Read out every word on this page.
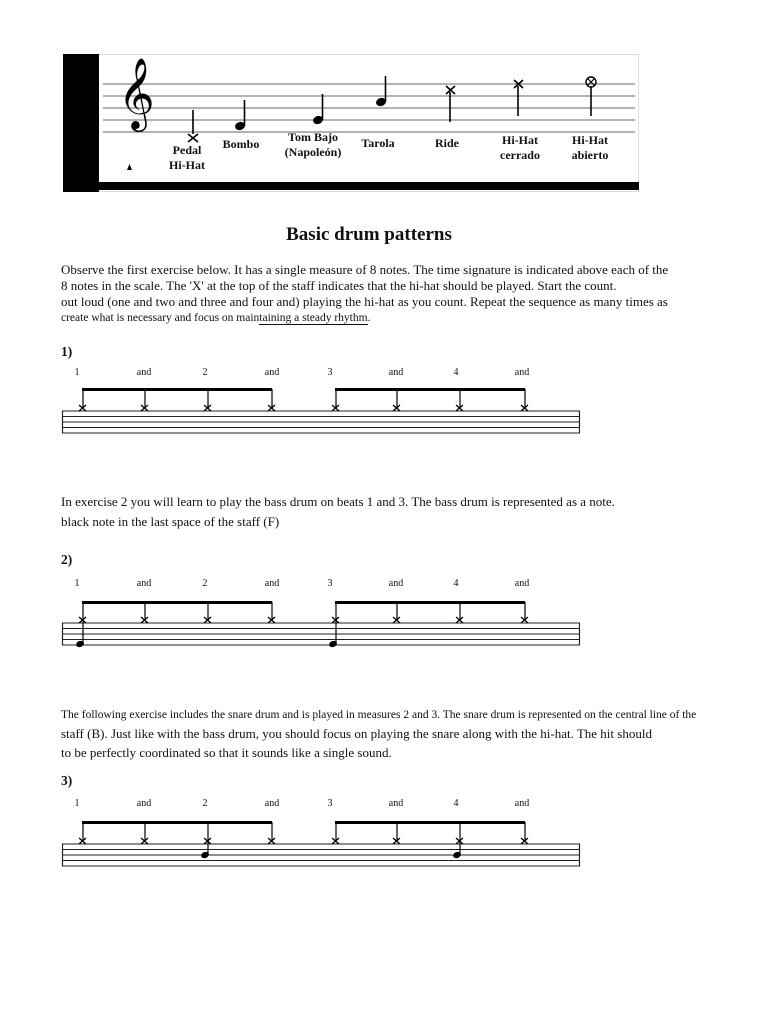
𝄞
Pedal
Hi-Hat
Bombo Tom Bajo
(Napoleón)
Tarola	Ride	Hi-Hat
cerrado
Hi-Hat
abierto
Basic drum patterns
Observe the first exercise below. It has a single measure of 8 notes. The time signature is indicated above each of the
8 notes in the scale. The 'X' at the top of the staff indicates that the hi-hat should be played. Start the count.
out loud (one and two and three and four and) playing the hi-hat as you count. Repeat the sequence as many times as
create what is necessary and focus on maintaining a steady rhythm.
1)
In exercise 2 you will learn to play the bass drum on beats 1 and 3. The bass drum is represented as a note.
black note in the last space of the staff (F)
2)
The following exercise includes the snare drum and is played in measures 2 and 3. The snare drum is represented on the central line of the
staff (B). Just like with the bass drum, you should focus on playing the snare along with the hi-hat. The hit should
to be perfectly coordinated so that it sounds like a single sound.
3)
1	and	2	and	3	and	4	and
1	and	2	and	3	and	4	and
1	and	2	and	3	and	4	and
